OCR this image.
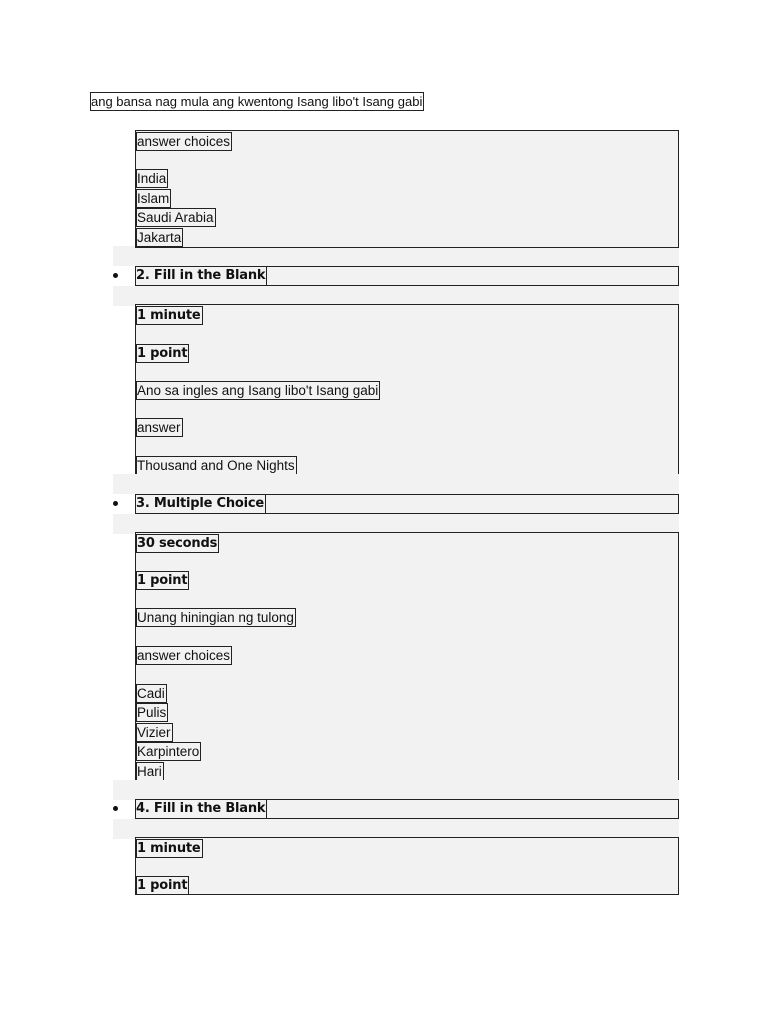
ang bansa nag mula ang kwentong Isang libo't Isang gabi
answer choices
India
Islam
Saudi Arabia
Jakarta
2. Fill in the Blank
1 minute
1 point
Ano sa ingles ang Isang libo't Isang gabi
answer
Thousand and One Nights
3. Multiple Choice
30 seconds
1 point
Unang hiningian ng tulong
answer choices
Cadi
Pulis
Vizier
Karpintero
Hari
4. Fill in the Blank
1 minute
1 point
